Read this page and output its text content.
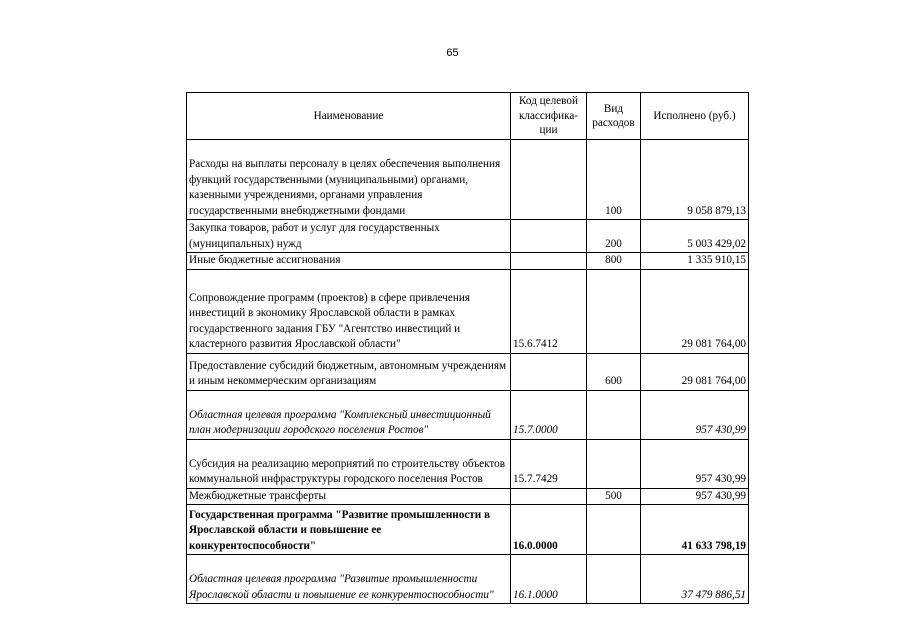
65
Наименование	Код целевой классифика-ции	Вид расходов	Исполнено (руб.)
Расходы на выплаты персоналу в целях обеспечения выполнения функций государственными (муниципальными) органами, казенными учреждениями, органами управления государственными внебюджетными фондами		100	9 058 879,13
Закупка товаров, работ и услуг для государственных (муниципальных) нужд		200	5 003 429,02
Иные бюджетные ассигнования		800	1 335 910,15
Сопровождение программ (проектов) в сфере привлечения инвестиций в экономику Ярославской области в рамках государственного задания ГБУ "Агентство инвестиций и кластерного развития Ярославской области"	15.6.7412		29 081 764,00
Предоставление субсидий бюджетным, автономным учреждениям и иным некоммерческим организациям		600	29 081 764,00
Областная целевая программа "Комплексный инвестиционный план модернизации городского поселения Ростов"	15.7.0000		957 430,99
Субсидия на реализацию мероприятий по строительству объектов коммунальной инфраструктуры городского поселения Ростов	15.7.7429		957 430,99
Межбюджетные трансферты		500	957 430,99
Государственная программа "Развитие промышленности в Ярославской области и повышение ее конкурентоспособности"	16.0.0000		41 633 798,19
Областная целевая программа "Развитие промышленности Ярославской области и повышение ее конкурентоспособности"	16.1.0000		37 479 886,51
